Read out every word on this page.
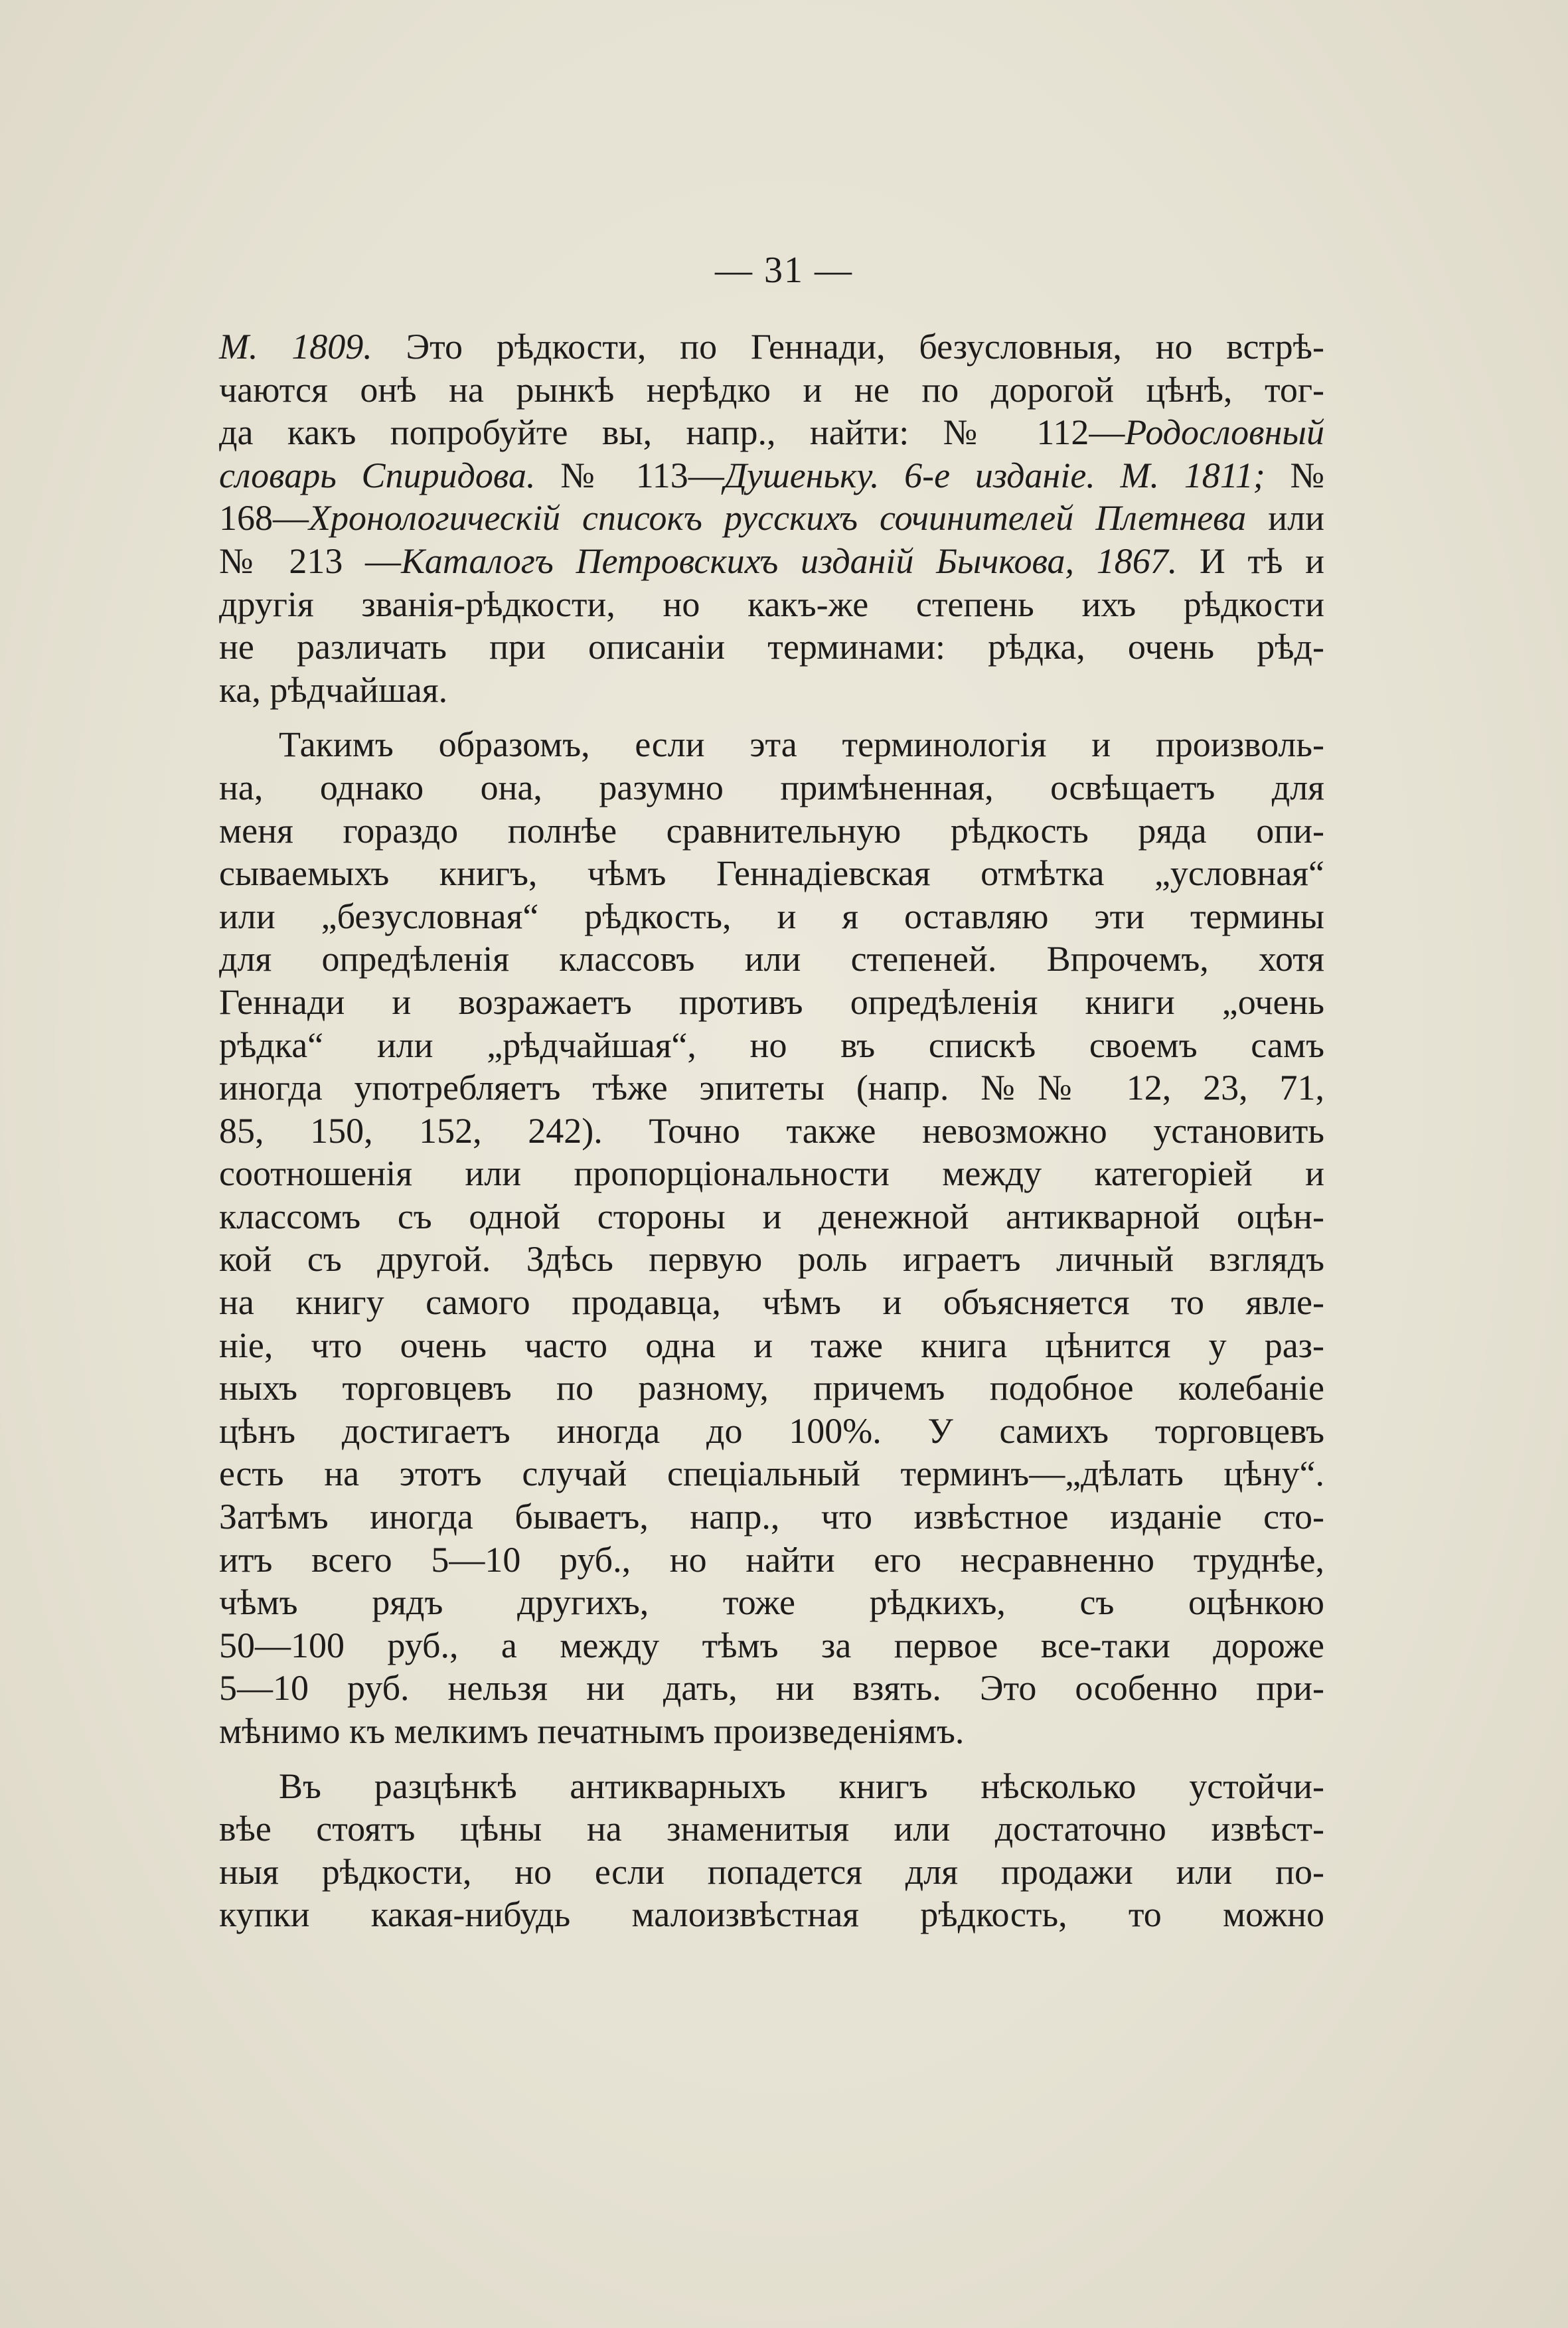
— 31 —
М. 1809. Это рѣдкости, по Геннади, безусловныя, но встрѣ-
чаются онѣ на рынкѣ нерѣдко и не по дорогой цѣнѣ, тог-
да какъ попробуйте вы, напр., найти: № 112—Родословный
словарь Спиридова. № 113—Душеньку. 6-е изданіе. М. 1811; №
168—Хронологическій списокъ русскихъ сочинителей Плетнева или
№ 213 —Каталогъ Петровскихъ изданій Бычкова, 1867. И тѣ и
другія званія-рѣдкости, но какъ-же степень ихъ рѣдкости
не различать при описаніи терминами: рѣдка, очень рѣд-
ка, рѣдчайшая.
Такимъ образомъ, если эта терминологія и произволь-
на, однако она, разумно примѣненная, освѣщаетъ для
меня гораздо полнѣе сравнительную рѣдкость ряда опи-
сываемыхъ книгъ, чѣмъ Геннадіевская отмѣтка „условная“
или „безусловная“ рѣдкость, и я оставляю эти термины
для опредѣленія классовъ или степеней. Впрочемъ, хотя
Геннади и возражаетъ противъ опредѣленія книги „очень
рѣдка“ или „рѣдчайшая“, но въ спискѣ своемъ самъ
иногда употребляетъ тѣже эпитеты (напр. №№ 12, 23, 71,
85, 150, 152, 242). Точно также невозможно установить
соотношенія или пропорціональности между категоріей и
классомъ съ одной стороны и денежной антикварной оцѣн-
кой съ другой. Здѣсь первую роль играетъ личный взглядъ
на книгу самого продавца, чѣмъ и объясняется то явле-
ніе, что очень часто одна и таже книга цѣнится у раз-
ныхъ торговцевъ по разному, причемъ подобное колебаніе
цѣнъ достигаетъ иногда до 100%. У самихъ торговцевъ
есть на этотъ случай спеціальный терминъ—„дѣлать цѣну“.
Затѣмъ иногда бываетъ, напр., что извѣстное изданіе сто-
итъ всего 5—10 руб., но найти его несравненно труднѣе,
чѣмъ рядъ другихъ, тоже рѣдкихъ, съ оцѣнкою
50—100 руб., а между тѣмъ за первое все-таки дороже
5—10 руб. нельзя ни дать, ни взять. Это особенно при-
мѣнимо къ мелкимъ печатнымъ произведеніямъ.
Въ разцѣнкѣ антикварныхъ книгъ нѣсколько устойчи-
вѣе стоятъ цѣны на знаменитыя или достаточно извѣст-
ныя рѣдкости, но если попадется для продажи или по-
купки какая-нибудь малоизвѣстная рѣдкость, то можно
